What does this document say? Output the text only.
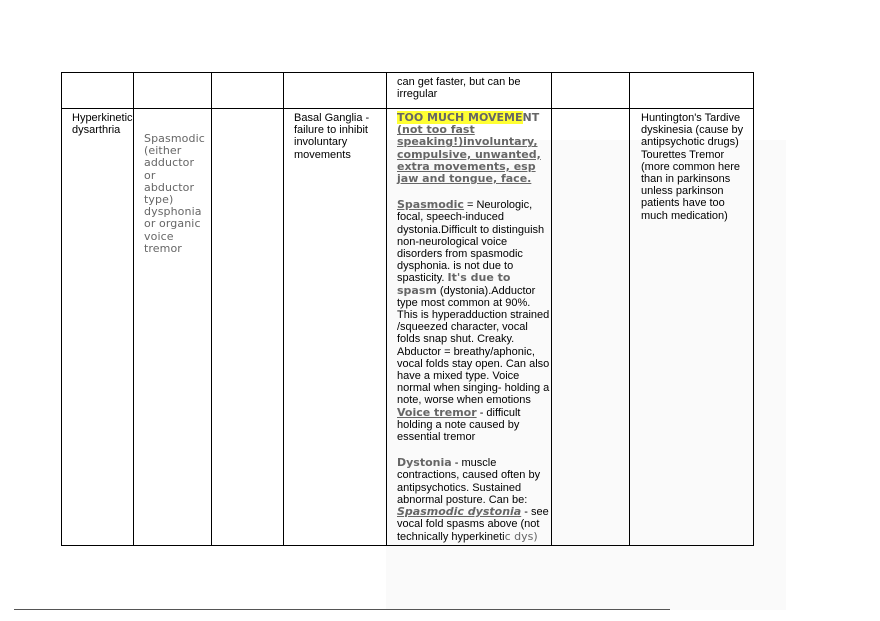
				can get faster, but can be irregular		
Hyperkinetic dysarthria	Spasmodic (either adductor or abductor type) dysphonia or organic voice tremor		Basal Ganglia - failure to inhibit involuntary movements	TOO MUCH MOVEMENT (not too fast speaking!)involuntary, compulsive, unwanted, extra movements, esp jaw and tongue, face.
Spasmodic = Neurologic, focal, speech-induced dystonia.Difficult to distinguish non-neurological voice disorders from spasmodic dysphonia. is not due to spasticity. It's due to spasm (dystonia).Adductor type most common at 90%. This is hyperadduction strained /squeezed character, vocal folds snap shut. Creaky. Abductor = breathy/aphonic, vocal folds stay open. Can also have a mixed type. Voice normal when singing- holding a note, worse when emotions
Voice tremor - difficult holding a note caused by essential tremor
Dystonia - muscle contractions, caused often by antipsychotics. Sustained abnormal posture. Can be: Spasmodic dystonia - see vocal fold spasms above (not technically hyperkinetic dys)		Huntington's Tardive dyskinesia (cause by antipsychotic drugs) Tourettes Tremor (more common here than in parkinsons unless parkinson patients have too much medication)
